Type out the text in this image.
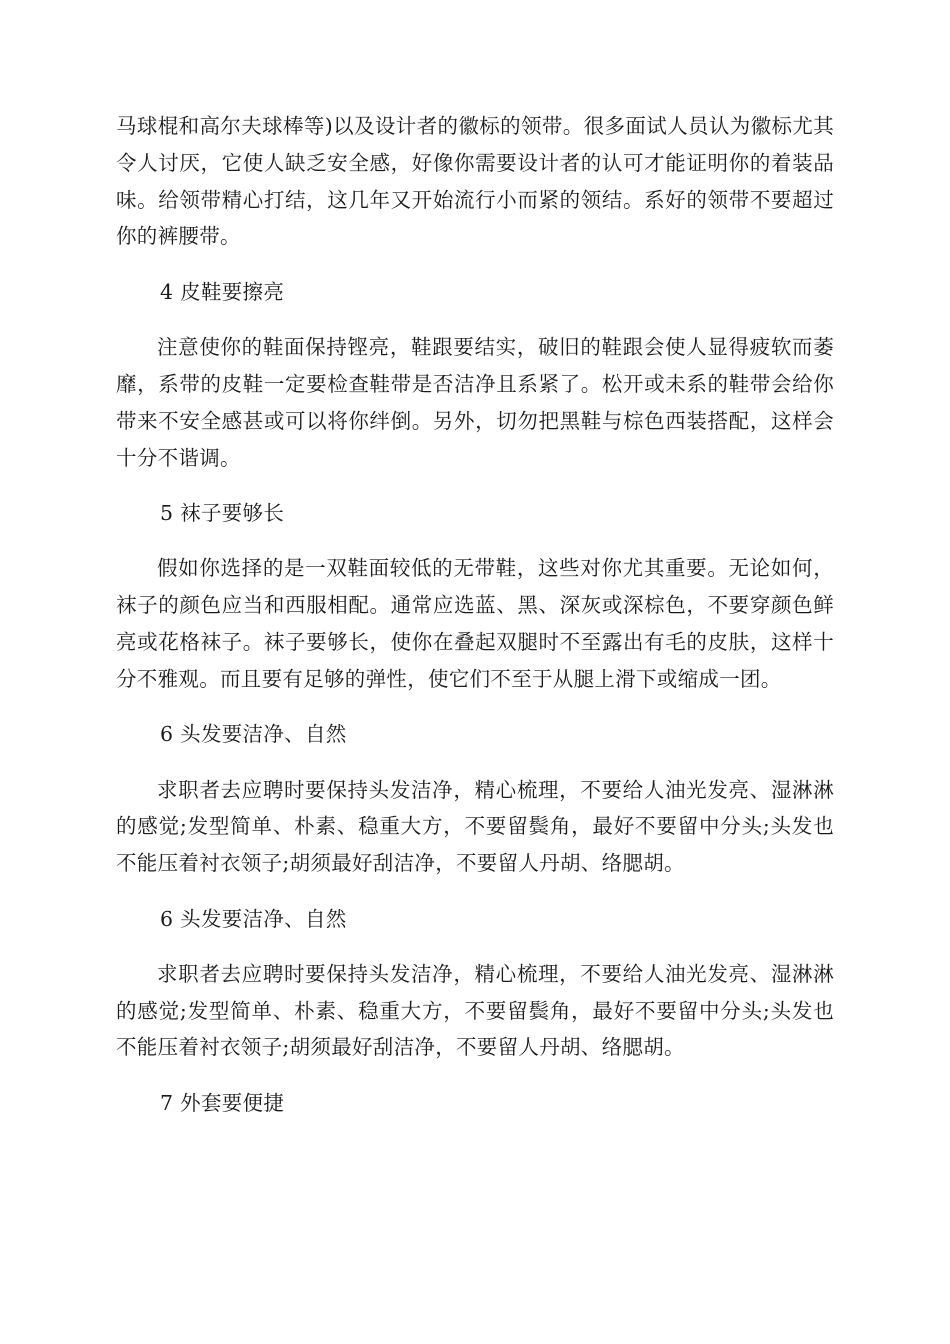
马球棍和高尔夫球棒等)以及设计者的徽标的领带。很多面试人员认为徽标尤其令人讨厌，它使人缺乏安全感，好像你需要设计者的认可才能证明你的着装品味。给领带精心打结，这几年又开始流行小而紧的领结。系好的领带不要超过你的裤腰带。

4 皮鞋要擦亮

注意使你的鞋面保持铿亮，鞋跟要结实，破旧的鞋跟会使人显得疲软而萎靡，系带的皮鞋一定要检查鞋带是否洁净且系紧了。松开或未系的鞋带会给你带来不安全感甚或可以将你绊倒。另外，切勿把黑鞋与棕色西装搭配，这样会十分不谐调。

5 袜子要够长

假如你选择的是一双鞋面较低的无带鞋，这些对你尤其重要。无论如何，袜子的颜色应当和西服相配。通常应选蓝、黑、深灰或深棕色，不要穿颜色鲜亮或花格袜子。袜子要够长，使你在叠起双腿时不至露出有毛的皮肤，这样十分不雅观。而且要有足够的弹性，使它们不至于从腿上滑下或缩成一团。

6 头发要洁净、自然

求职者去应聘时要保持头发洁净，精心梳理，不要给人油光发亮、湿淋淋的感觉;发型简单、朴素、稳重大方，不要留鬓角，最好不要留中分头;头发也不能压着衬衣领子;胡须最好刮洁净，不要留人丹胡、络腮胡。

6 头发要洁净、自然

求职者去应聘时要保持头发洁净，精心梳理，不要给人油光发亮、湿淋淋的感觉;发型简单、朴素、稳重大方，不要留鬓角，最好不要留中分头;头发也不能压着衬衣领子;胡须最好刮洁净，不要留人丹胡、络腮胡。

7 外套要便捷
